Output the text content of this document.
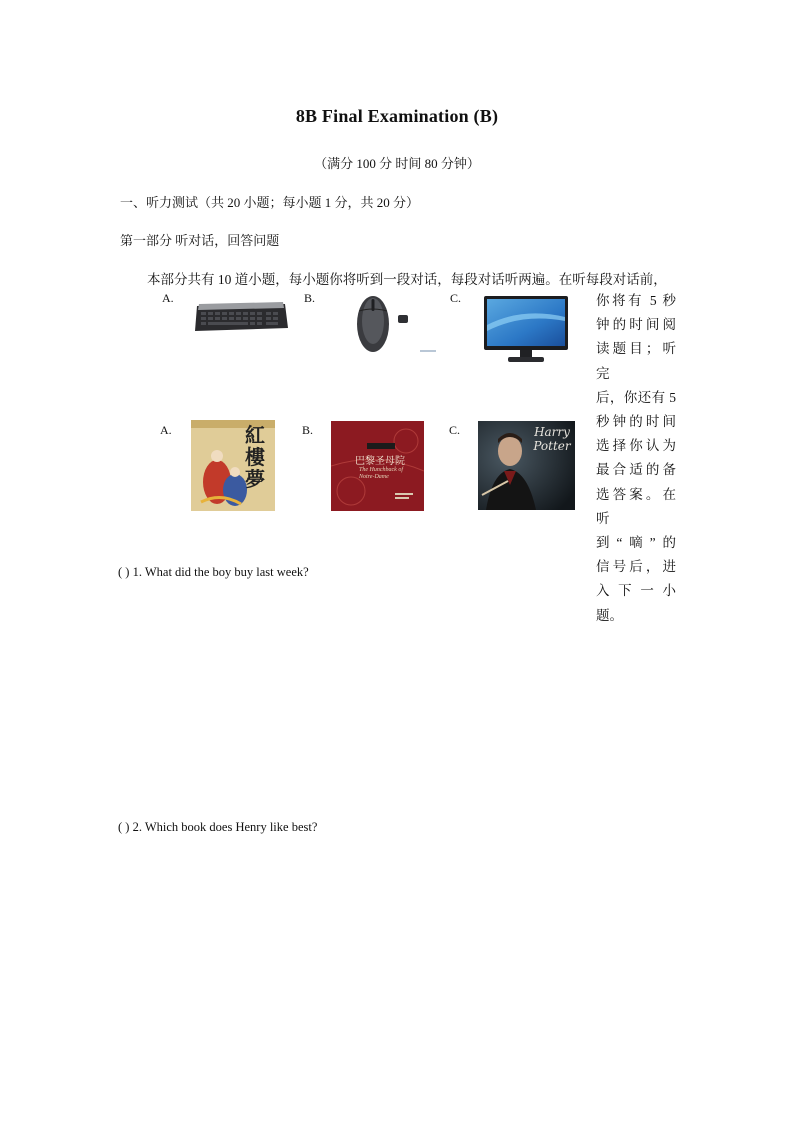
8B Final Examination (B)
（满分 100 分 时间 80 分钟）
一、听力测试（共 20 小题；每小题 1 分，共 20 分）
第一部分 听对话，回答问题
本部分共有 10 道小题，每小题你将听到一段对话，每段对话听两遍。在听每段对话前，
你将有 5 秒
钟的时间阅
读题目；听完
后，你还有 5
秒钟的时间
选择你认为
最合适的备
选答案。在听
到“嘀”的
信号后，进
入下一小题。
A.	B.	C.
A.	B.	C.
紅樓夢
巴黎圣母院
The Hunchback of Notre-Dame
Harry Potter
( ) 1. What did the boy buy last week?
( ) 2. Which book does Henry like best?
